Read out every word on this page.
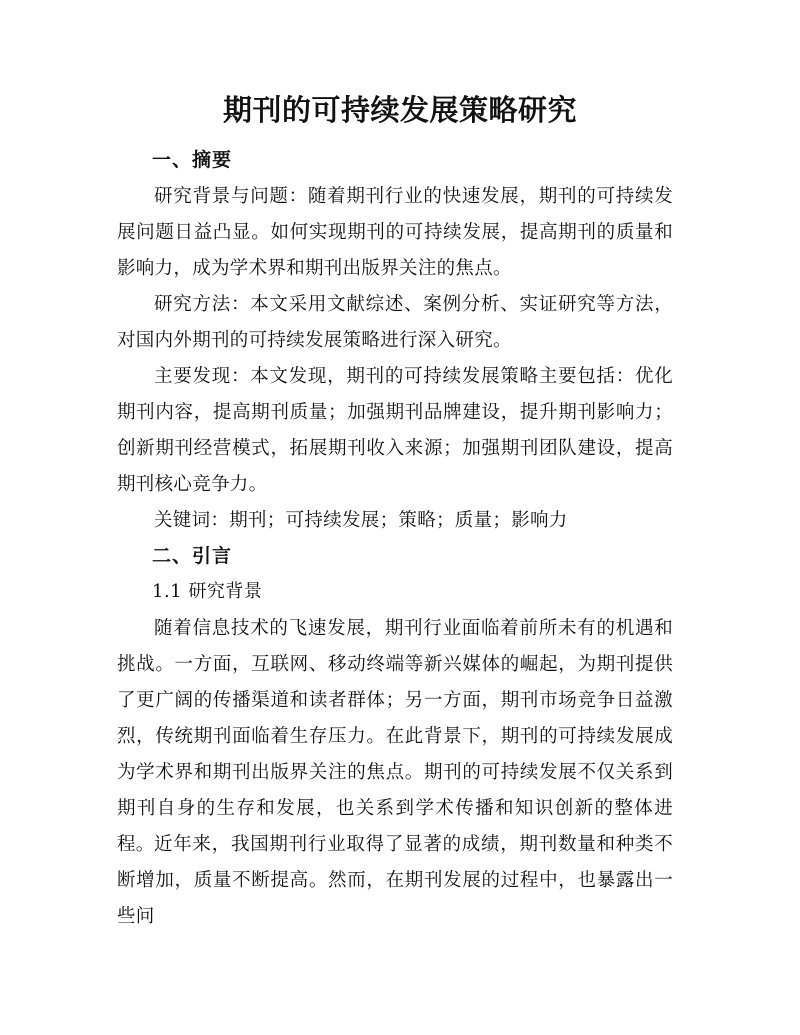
期刊的可持续发展策略研究
一、摘要

研究背景与问题：随着期刊行业的快速发展，期刊的可持续发展问题日益凸显。如何实现期刊的可持续发展，提高期刊的质量和影响力，成为学术界和期刊出版界关注的焦点。

研究方法：本文采用文献综述、案例分析、实证研究等方法，对国内外期刊的可持续发展策略进行深入研究。

主要发现：本文发现，期刊的可持续发展策略主要包括：优化期刊内容，提高期刊质量；加强期刊品牌建设，提升期刊影响力；创新期刊经营模式，拓展期刊收入来源；加强期刊团队建设，提高期刊核心竞争力。

关键词：期刊；可持续发展；策略；质量；影响力

二、引言
1.1 研究背景

随着信息技术的飞速发展，期刊行业面临着前所未有的机遇和挑战。一方面，互联网、移动终端等新兴媒体的崛起，为期刊提供了更广阔的传播渠道和读者群体；另一方面，期刊市场竞争日益激烈，传统期刊面临着生存压力。在此背景下，期刊的可持续发展成为学术界和期刊出版界关注的焦点。期刊的可持续发展不仅关系到期刊自身的生存和发展，也关系到学术传播和知识创新的整体进程。 近年来，我国期刊行业取得了显著的成绩，期刊数量和种类不断增加，质量不断提高。然而，在期刊发展的过程中，也暴露出一些问
